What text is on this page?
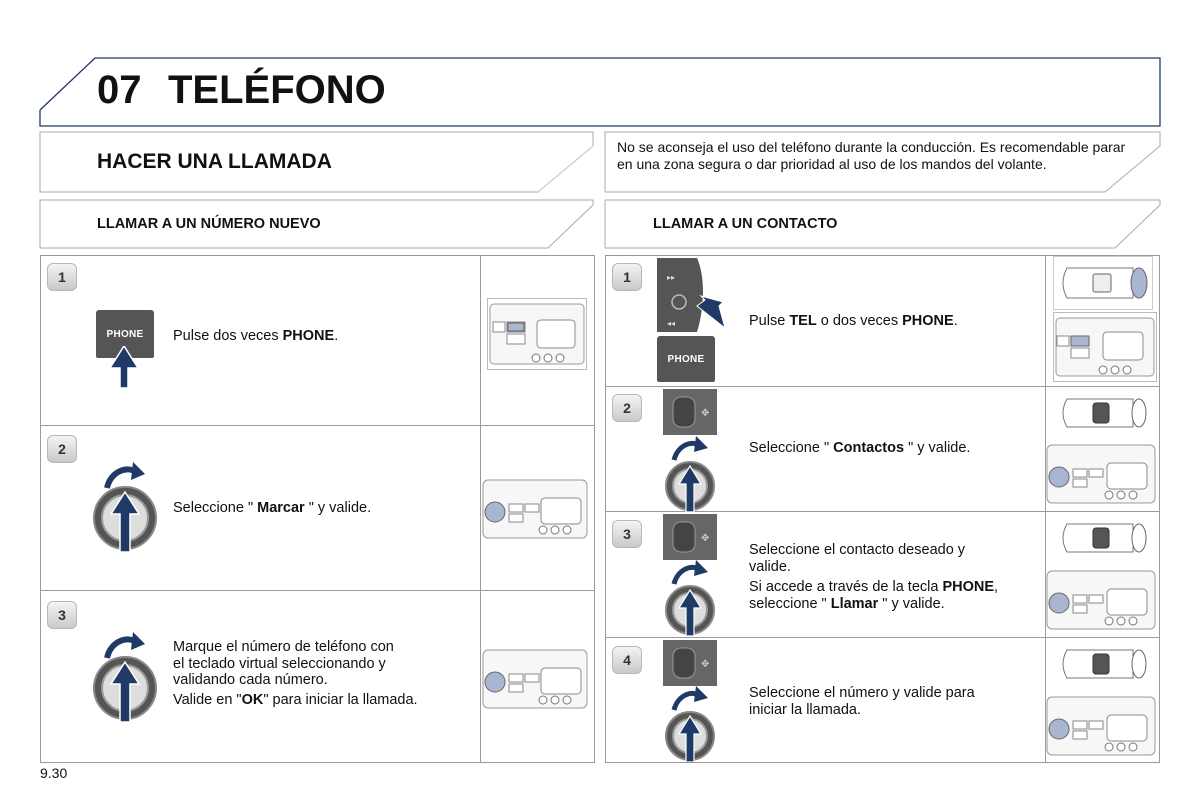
07 TELÉFONO
HACER UNA LLAMADA
No se aconseja el uso del teléfono durante la conducción. Es recomendable parar en una zona segura o dar prioridad al uso de los mandos del volante.
LLAMAR A UN NÚMERO NUEVO	LLAMAR A UN CONTACTO
1
PHONE	Pulse dos veces PHONE.
2
Seleccione " Marcar " y valide.
3
Marque el número de teléfono con
el teclado virtual seleccionando y
validando cada número.
Valide en "OK" para iniciar la llamada.
1	▸▸
◂◂
PHONE
Pulse TEL o dos veces PHONE.
2	✥
Seleccione " Contactos " y valide.
3	✥
Seleccione el contacto deseado y
valide.
Si accede a través de la tecla PHONE,
seleccione " Llamar " y valide.
4	✥
Seleccione el número y valide para
iniciar la llamada.
9.30
